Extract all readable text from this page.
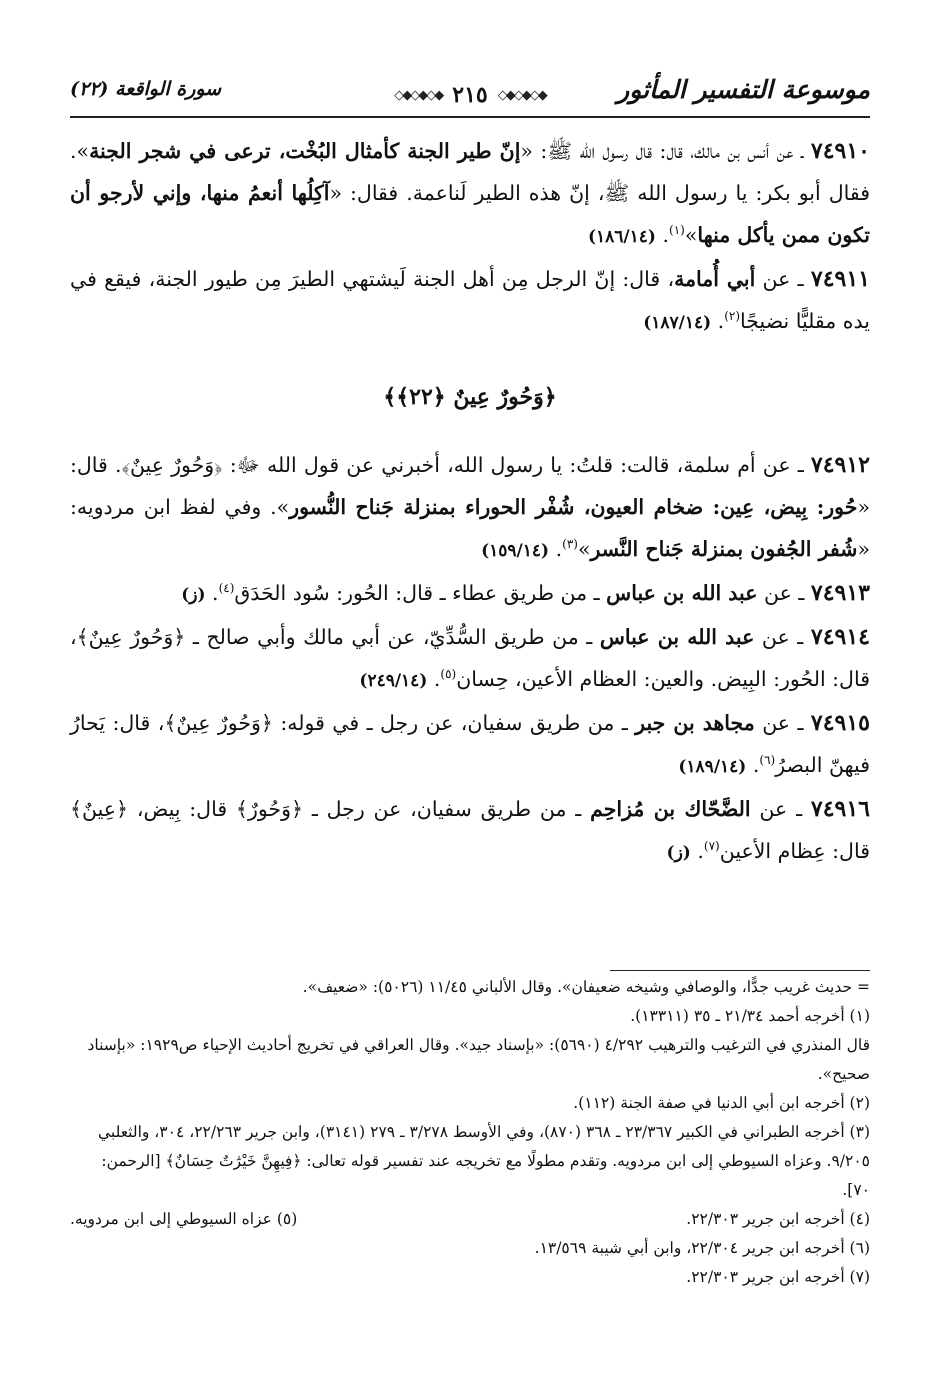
موسوعة التفسير المأثور
◆◇◆◇◆◇
٢١٥
◆◇◆◇◆◇
سورة الواقعة (٢٢)

٧٤٩١٠ ـ عن أنس بن مالك، قال: قال رسول الله ﷺ: «إنّ طير الجنة كأمثال البُخْت، ترعى في شجر الجنة». فقال أبو بكر: يا رسول الله ﷺ، إنّ هذه الطير لَناعمة. فقال: «آكِلُها أنعمُ منها، وإني لأرجو أن تكون ممن يأكل منها»$^{(١)}$. (١٨٦/١٤)

٧٤٩١١ ـ عن أبي أُمامة، قال: إنّ الرجل مِن أهل الجنة لَيشتهي الطيرَ مِن طيور الجنة، فيقع في يده مقليًّا نضيجًا$^{(٢)}$. (١٨٧/١٤)

﴿وَحُورٌ عِينٌ ﴿٢٢﴾﴾

٧٤٩١٢ ـ عن أم سلمة، قالت: قلتُ: يا رسول الله، أخبرني عن قول الله ﷻ: ﴿وَحُورٌ عِينٌ﴾. قال: «حُور: بِيض، عِين: ضخام العيون، شُفْر الحوراء بمنزلة جَناح النُّسور». وفي لفظ ابن مردويه: «شُفر الجُفون بمنزلة جَناح النَّسر»$^{(٣)}$. (١٥٩/١٤)

٧٤٩١٣ ـ عن عبد الله بن عباس ـ من طريق عطاء ـ قال: الحُور: سُود الحَدَق$^{(٤)}$. (ز)

٧٤٩١٤ ـ عن عبد الله بن عباس ـ من طريق السُّدِّيّ، عن أبي مالك وأبي صالح ـ ﴿وَحُورٌ عِينٌ﴾، قال: الحُور: البِيض. والعين: العظام الأعين، حِسان$^{(٥)}$. (٢٤٩/١٤)

٧٤٩١٥ ـ عن مجاهد بن جبر ـ من طريق سفيان، عن رجل ـ في قوله: ﴿وَحُورٌ عِينٌ﴾، قال: يَحارُ فيهنّ البصرُ$^{(٦)}$. (١٨٩/١٤)

٧٤٩١٦ ـ عن الضَّحّاك بن مُزاحِم ـ من طريق سفيان، عن رجل ـ ﴿وَحُورٌ﴾ قال: بِيض، ﴿عِينٌ﴾ قال: عِظام الأعين$^{(٧)}$. (ز)

= حديث غريب جدًّا، والوصافي وشيخه ضعيفان». وقال الألباني ١١/٤٥ (٥٠٢٦): «ضعيف».

(١) أخرجه أحمد ٢١/٣٤ ـ ٣٥ (١٣٣١١).

قال المنذري في الترغيب والترهيب ٤/٢٩٢ (٥٦٩٠): «بإسناد جيد». وقال العراقي في تخريج أحاديث الإحياء ص١٩٢٩: «بإسناد صحيح».

(٢) أخرجه ابن أبي الدنيا في صفة الجنة (١١٢).

(٣) أخرجه الطبراني في الكبير ٢٣/٣٦٧ ـ ٣٦٨ (٨٧٠)، وفي الأوسط ٣/٢٧٨ ـ ٢٧٩ (٣١٤١)، وابن جرير ٢٢/٢٦٣، ٣٠٤، والثعلبي ٩/٢٠٥. وعزاه السيوطي إلى ابن مردويه. وتقدم مطولًا مع تخريجه عند تفسير قوله تعالى: ﴿فِيهِنَّ خَيْرَٰتٌ حِسَانٌ﴾ [الرحمن: ٧٠].

(٤) أخرجه ابن جرير ٢٢/٣٠٣.
(٥) عزاه السيوطي إلى ابن مردويه.

(٦) أخرجه ابن جرير ٢٢/٣٠٤، وابن أبي شيبة ١٣/٥٦٩.

(٧) أخرجه ابن جرير ٢٢/٣٠٣.
